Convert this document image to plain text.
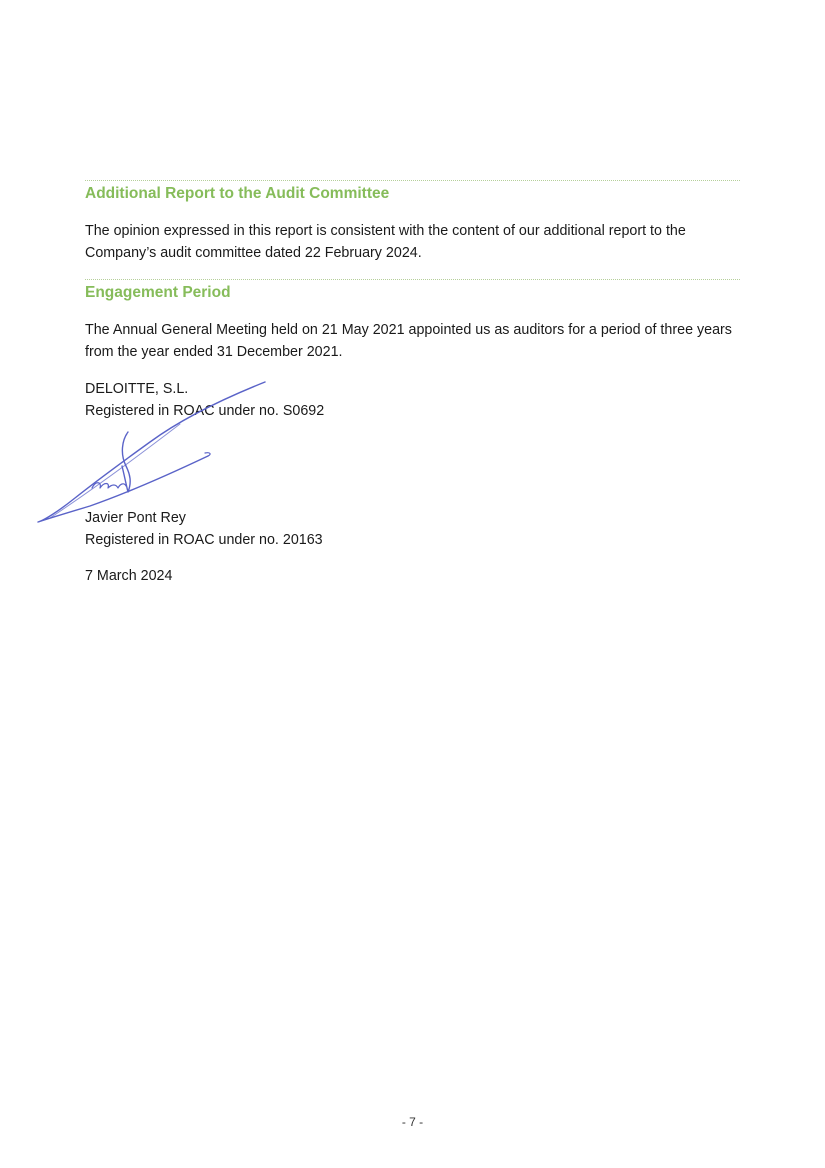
Additional Report to the Audit Committee

The opinion expressed in this report is consistent with the content of our additional report to the Company’s audit committee dated 22 February 2024.

Engagement Period

The Annual General Meeting held on 21 May 2021 appointed us as auditors for a period of three years from the year ended 31 December 2021.

DELOITTE, S.L.

Registered in ROAC under no. S0692

Javier Pont Rey

Registered in ROAC under no. 20163

7 March 2024

- 7 -
